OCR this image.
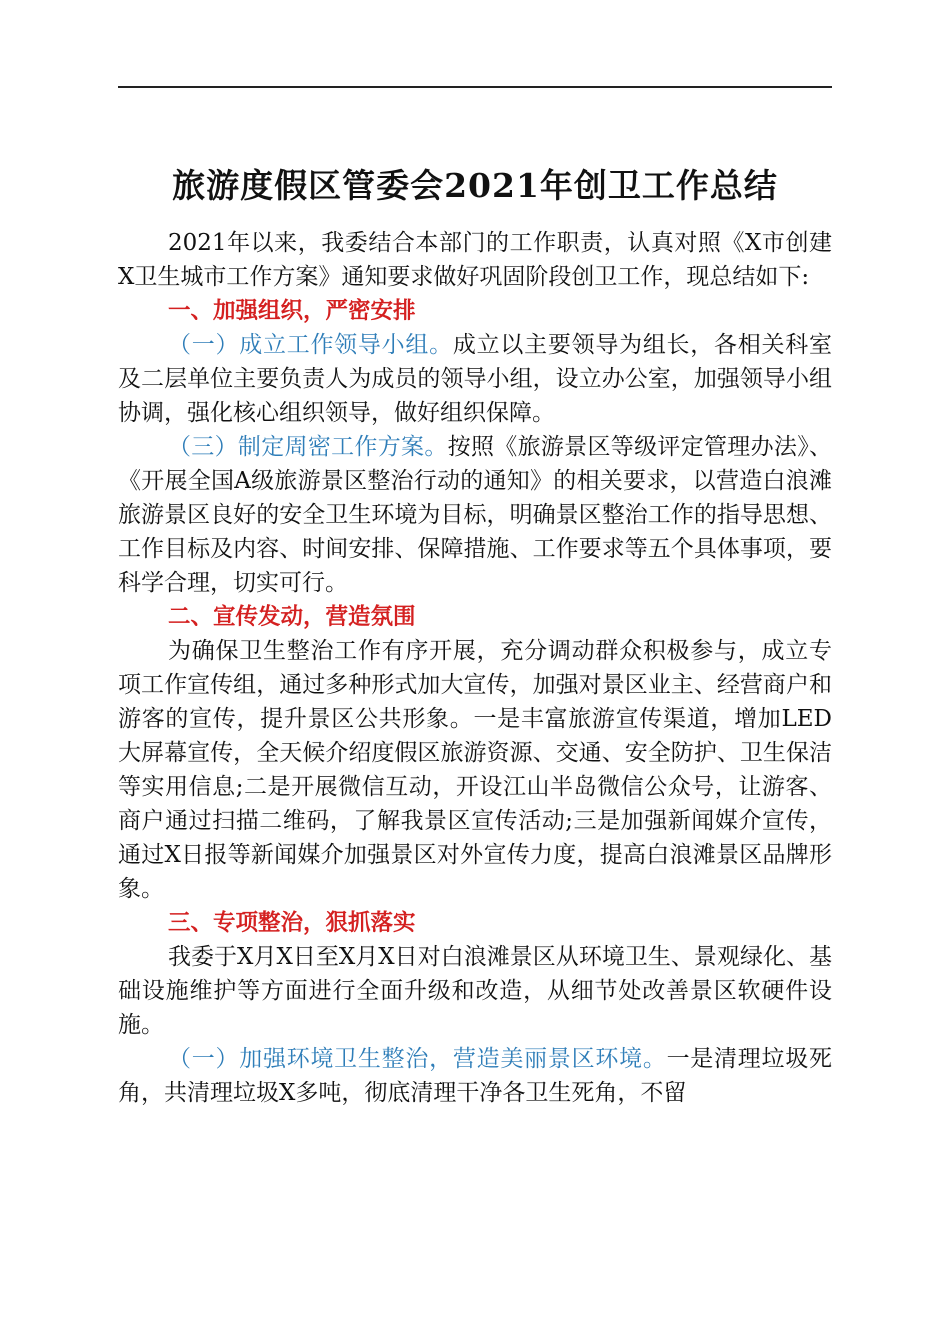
旅游度假区管委会2021年创卫工作总结

2021年以来，我委结合本部门的工作职责，认真对照《X市创建X卫生城市工作方案》通知要求做好巩固阶段创卫工作，现总结如下:

一、加强组织，严密安排

（一）成立工作领导小组。成立以主要领导为组长，各相关科室及二层单位主要负责人为成员的领导小组，设立办公室，加强领导小组协调，强化核心组织领导，做好组织保障。

（三）制定周密工作方案。按照《旅游景区等级评定管理办法》、《开展全国A级旅游景区整治行动的通知》的相关要求，以营造白浪滩旅游景区良好的安全卫生环境为目标，明确景区整治工作的指导思想、工作目标及内容、时间安排、保障措施、工作要求等五个具体事项，要科学合理，切实可行。

二、宣传发动，营造氛围

为确保卫生整治工作有序开展，充分调动群众积极参与，成立专项工作宣传组，通过多种形式加大宣传，加强对景区业主、经营商户和游客的宣传，提升景区公共形象。一是丰富旅游宣传渠道，增加LED大屏幕宣传，全天候介绍度假区旅游资源、交通、安全防护、卫生保洁等实用信息;二是开展微信互动，开设江山半岛微信公众号，让游客、商户通过扫描二维码，了解我景区宣传活动;三是加强新闻媒介宣传，通过X日报等新闻媒介加强景区对外宣传力度，提高白浪滩景区品牌形象。

三、专项整治，狠抓落实

我委于X月X日至X月X日对白浪滩景区从环境卫生、景观绿化、基础设施维护等方面进行全面升级和改造，从细节处改善景区软硬件设施。

（一）加强环境卫生整治，营造美丽景区环境。一是清理垃圾死角，共清理垃圾X多吨，彻底清理干净各卫生死角，不留
